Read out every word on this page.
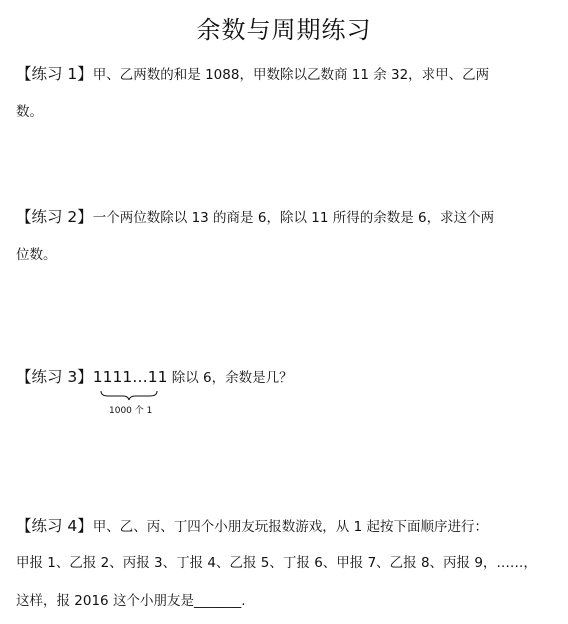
余数与周期练习
【练习 1】甲、乙两数的和是 1088，甲数除以乙数商 11 余 32，求甲、乙两
数。
【练习 2】一个两位数除以 13 的商是 6，除以 11 所得的余数是 6，求这个两
位数。
【练习 3】1111…11 除以 6，余数是几？
1000 个 1
【练习 4】甲、乙、丙、丁四个小朋友玩报数游戏，从 1 起按下面顺序进行：
甲报 1、乙报 2、丙报 3、丁报 4、乙报 5、丁报 6、甲报 7、乙报 8、丙报 9，……，
这样，报 2016 这个小朋友是_______.
